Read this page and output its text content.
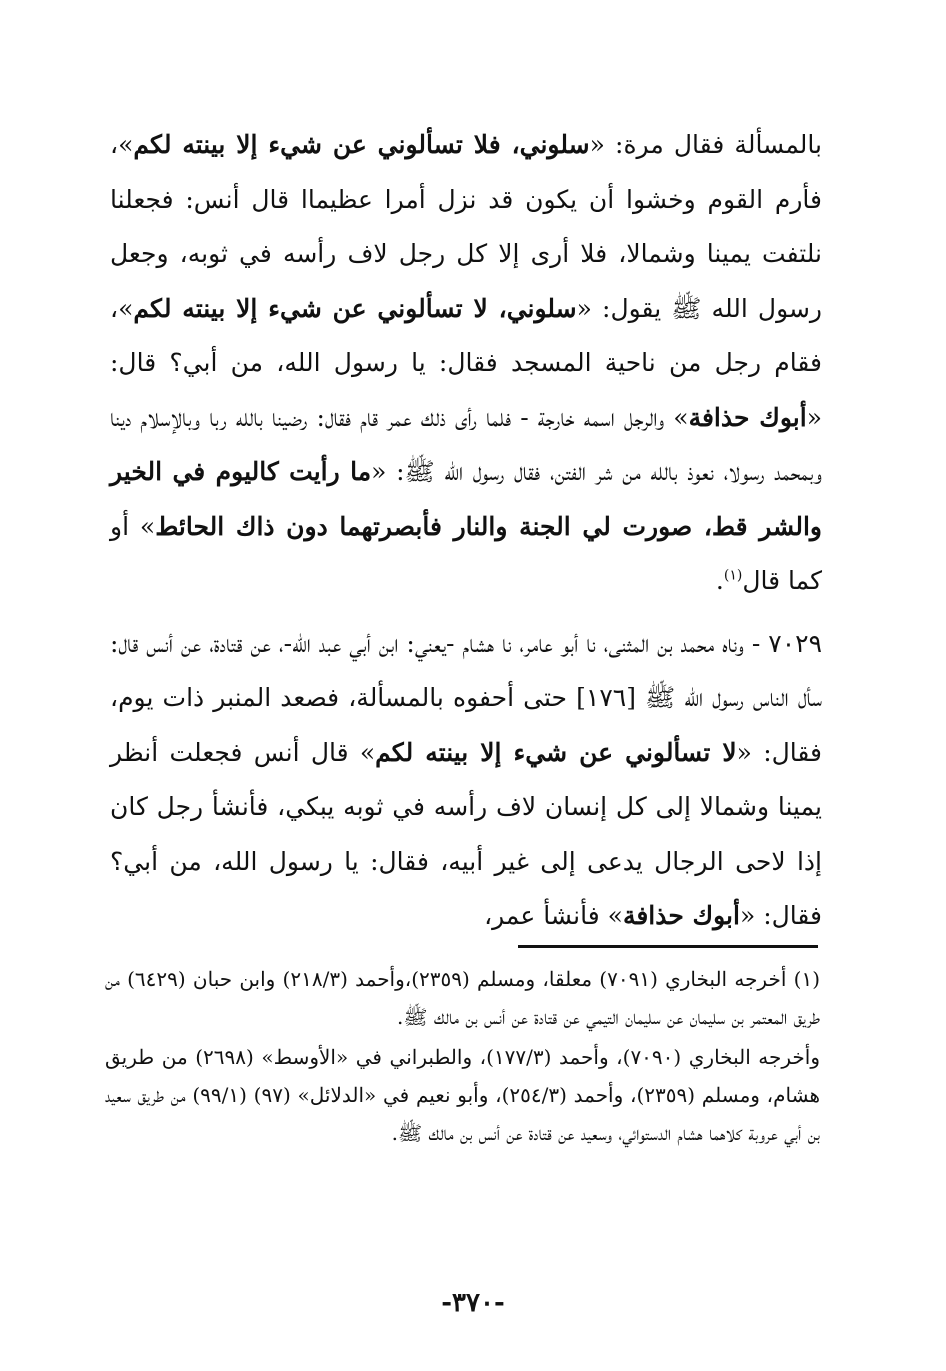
بالمسألة فقال مرة: «سلوني، فلا تسألوني عن شيء إلا بينته لكم»، فأرم القوم وخشوا أن يكون قد نزل أمرا عظيماا قال أنس: فجعلنا نلتفت يمينا وشمالا، فلا أرى إلا كل رجل لاف رأسه في ثوبه، وجعل رسول الله ﷺ يقول: «سلوني، لا تسألوني عن شيء إلا بينته لكم»، فقام رجل من ناحية المسجد فقال: يا رسول الله، من أبي؟ قال: «أبوك حذافة» والرجل اسمه خارجة - فلما رأى ذلك عمر قام فقال: رضينا بالله ربا وبالإسلام دينا وبمحمد رسولا، نعوذ بالله من شر الفتن، فقال رسول الله ﷺ: «ما رأيت كاليوم في الخير والشر قط، صورت لي الجنة والنار فأبصرتهما دون ذاك الحائط» أو كما قال$^{(١)}$.

٧٠٢٩ - وناه محمد بن المثنى، نا أبو عامر، نا هشام -يعني: ابن أبي عبد الله-، عن قتادة، عن أنس قال: سأل الناس رسول الله ﷺ [١٧٦] حتى أحفوه بالمسألة، فصعد المنبر ذات يوم، فقال: «لا تسألوني عن شيء إلا بينته لكم» قال أنس فجعلت أنظر يمينا وشمالا إلى كل إنسان لاف رأسه في ثوبه يبكي، فأنشأ رجل كان إذا لاحى الرجال يدعى إلى غير أبيه، فقال: يا رسول الله، من أبي؟ فقال: «أبوك حذافة» فأنشأ عمر،

(١) أخرجه البخاري (٧٠٩١) معلقا، ومسلم (٢٣٥٩)،وأحمد (٢١٨/٣) وابن حبان (٦٤٢٩) من طريق المعتمر بن سليمان عن سليمان التيمي عن قتادة عن أنس بن مالك ﷺ.

وأخرجه البخاري (٧٠٩٠)، وأحمد (١٧٧/٣)، والطبراني في «الأوسط» (٢٦٩٨) من طريق هشام، ومسلم (٢٣٥٩)، وأحمد (٢٥٤/٣)، وأبو نعيم في «الدلائل» (٩٧) (٩٩/١) من طريق سعيد بن أبي عروبة كلاهما هشام الدستوائي، وسعيد عن قتادة عن أنس بن مالك ﷺ.

-٣٧٠-
